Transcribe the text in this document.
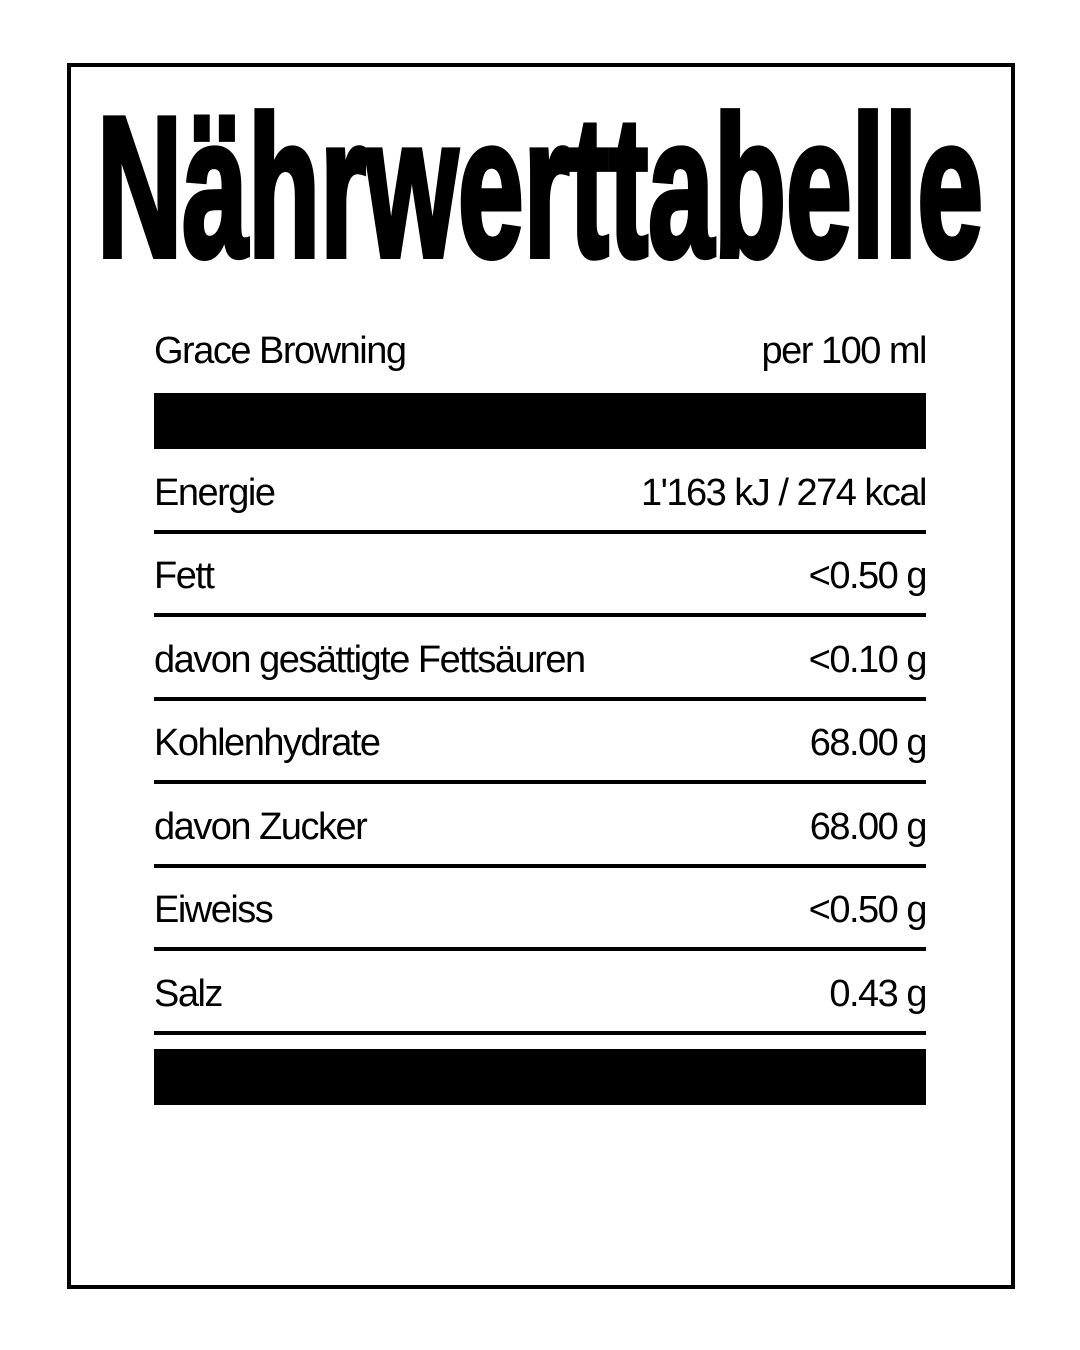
Nährwerttabelle
Grace Browning	per 100 ml
Energie	1'163 kJ / 274 kcal
Fett	<0.50 g
davon gesättigte Fettsäuren	<0.10 g
Kohlenhydrate	68.00 g
davon Zucker	68.00 g
Eiweiss	<0.50 g
Salz	0.43 g
